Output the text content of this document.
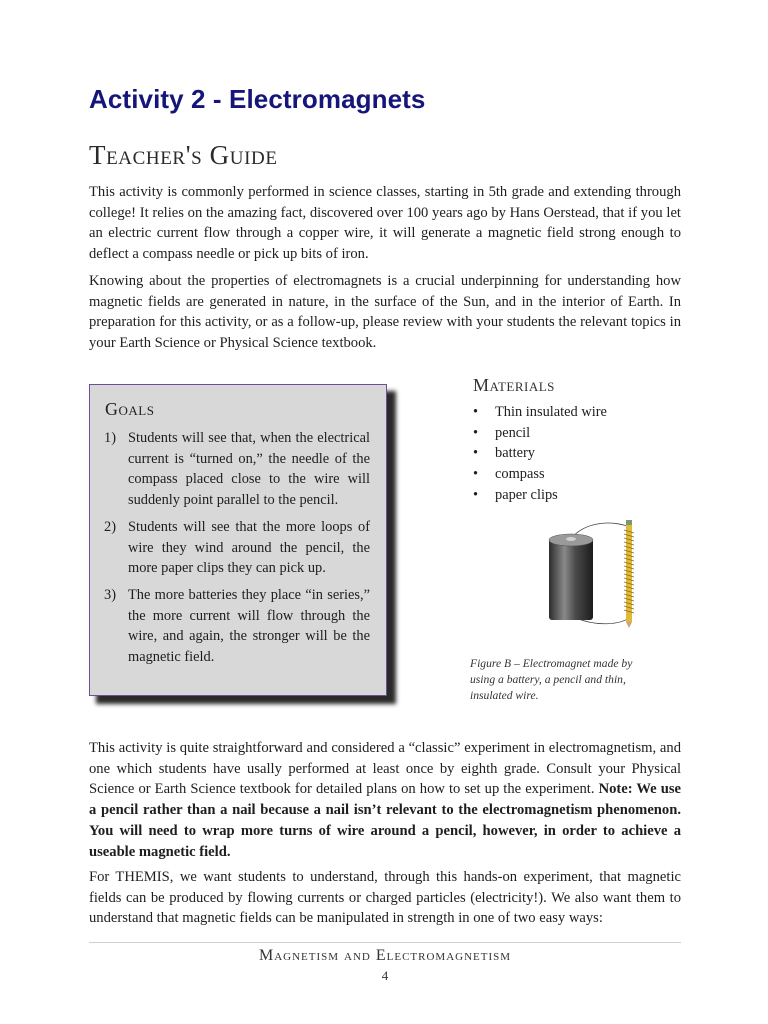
Activity 2 - Electromagnets
Teacher's Guide

This activity is commonly performed in science classes, starting in 5th grade and extending through college! It relies on the amazing fact, discovered over 100 years ago by Hans Oerstead, that if you let an electric current flow through a copper wire, it will generate a magnetic field strong enough to deflect a compass needle or pick up bits of iron.

Knowing about the properties of electromagnets is a crucial underpinning for understanding how magnetic fields are generated in nature, in the surface of the Sun, and in the interior of Earth. In preparation for this activity, or as a follow-up, please review with your students the relevant topics in your Earth Science or Physical Science textbook.

Goals
1) Students will see that, when the electrical current is “turned on,” the needle of the compass placed close to the wire will suddenly point parallel to the pencil.
2) Students will see that the more loops of wire they wind around the pencil, the more paper clips they can pick up.
3) The more batteries they place “in series,” the more current will flow through the wire, and again, the stronger will be the magnetic field.
Materials
• Thin insulated wire
• pencil
• battery
• compass
• paper clips

Figure B – Electromagnet made by using a battery, a pencil and thin, insulated wire.

This activity is quite straightforward and considered a “classic” experiment in electromagnetism, and one which students have usally performed at least once by eighth grade. Consult your Physical Science or Earth Science textbook for detailed plans on how to set up the experiment. Note: We use a pencil rather than a nail because a nail isn’t relevant to the electromagnetism phenomenon. You will need to wrap more turns of wire around a pencil, however, in order to achieve a useable magnetic field.

For THEMIS, we want students to understand, through this hands-on experiment, that magnetic fields can be produced by flowing currents or charged particles (electricity!). We also want them to understand that magnetic fields can be manipulated in strength in one of two easy ways:

Magnetism and Electromagnetism

4
